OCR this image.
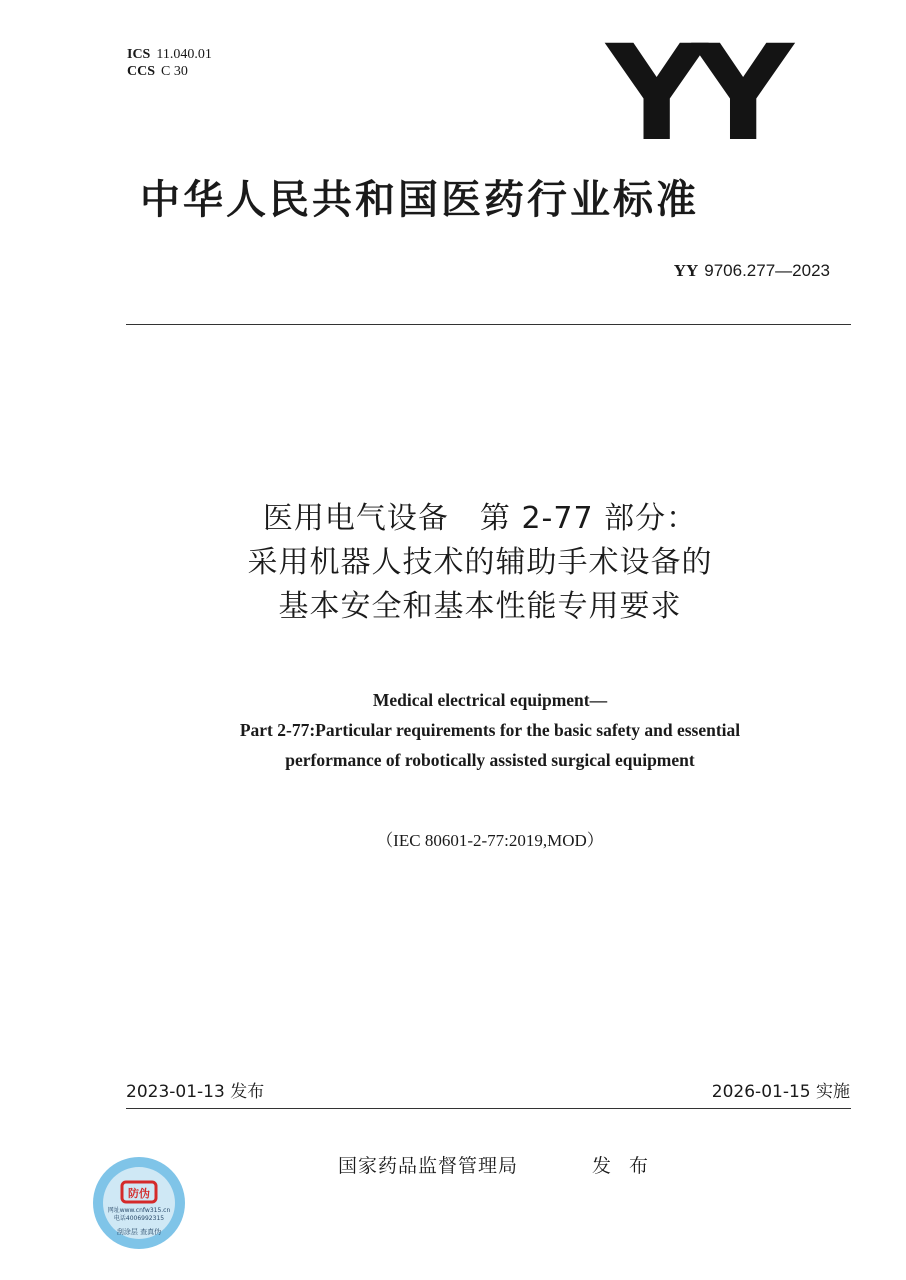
ICS 11.040.01
CCS C 30	YY
中华人民共和国医药行业标准
YY 9706.277—2023
医用电气设备　第 2-77 部分：
采用机器人技术的辅助手术设备的
基本安全和基本性能专用要求
Medical electrical equipment—
Part 2-77:Particular requirements for the basic safety and essential
performance of robotically assisted surgical equipment
（IEC 80601-2-77:2019,MOD）
2023-01-13 发布	2026-01-15 实施
国家药品监督管理局	发 布
防伪
网址www.cnfw315.cn
电话4006992315
刮涂层 查真伪
